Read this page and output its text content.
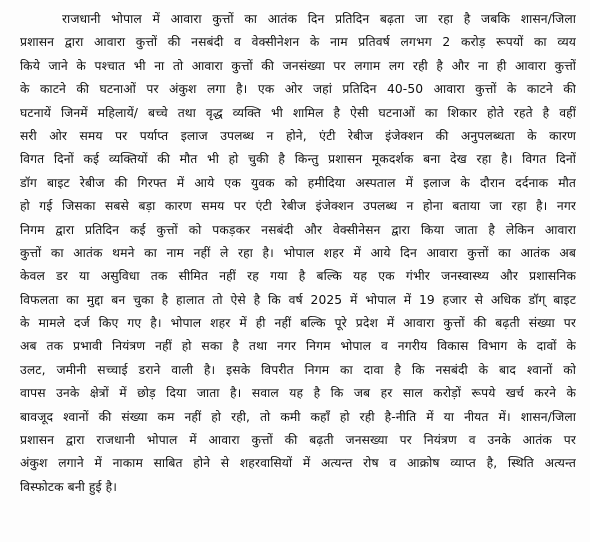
राजधानी भोपाल में आवारा कुत्तों का आतंक दिन प्रतिदिन बढ़ता जा रहा है जबकि शासन/जिला
प्रशासन द्वारा आवारा कुत्तों की नसबंदी व वेक्सीनेशन के नाम प्रतिवर्ष लगभग 2 करोड़ रूपयों का व्यय
किये जाने के पश्चात भी ना तो आवारा कुत्तों की जनसंख्या पर लगाम लग रही है और ना ही आवारा कुत्तों
के काटने की घटनाओं पर अंकुश लगा है। एक ओर जहां प्रतिदिन 40-50 आवारा कुत्तों के काटने की
घटनायें जिनमें महिलायें/ बच्चे तथा वृद्ध व्यक्ति भी शामिल है ऐसी घटनाओं का शिकार होते रहते है वहीं
सरी ओर समय पर पर्याप्त इलाज उपलब्ध न होने, एंटी रेबीज इंजेक्शन की अनुपलब्धता के कारण
विगत दिनों कई व्यक्तियों की मौत भी हो चुकी है किन्तु प्रशासन मूकदर्शक बना देख रहा है। विगत दिनों
डॉग बाइट रेबीज की गिरफ्त में आये एक युवक को हमीदिया अस्पताल में इलाज के दौरान दर्दनाक मौत
हो गई जिसका सबसे बड़ा कारण समय पर एंटी रेबीज इंजेक्शन उपलब्ध न होना बताया जा रहा है। नगर
निगम द्वारा प्रतिदिन कई कुत्तों को पकड़कर नसबंदी और वेक्सीनेसन द्वारा किया जाता है लेकिन आवारा
कुत्तों का आतंक थमने का नाम नहीं ले रहा है। भोपाल शहर में आये दिन आवारा कुत्तों का आतंक अब
केवल डर या असुविधा तक सीमित नहीं रह गया है बल्कि यह एक गंभीर जनस्वास्थ्य और प्रशासनिक
विफलता का मुद्दा बन चुका है हालात तो ऐसे है कि वर्ष 2025 में भोपाल में 19 हजार से अधिक डॉग् बाइट
के मामले दर्ज किए गए है। भोपाल शहर में ही नहीं बल्कि पूरे प्रदेश में आवारा कुत्तों की बढ़ती संख्या पर
अब तक प्रभावी नियंत्रण नहीं हो सका है तथा नगर निगम भोपाल व नगरीय विकास विभाग के दावों के
उलट, जमीनी सच्चाई डराने वाली है। इसके विपरीत निगम का दावा है कि नसबंदी के बाद श्वानों को
वापस उनके क्षेत्रों में छोड़ दिया जाता है। सवाल यह है कि जब हर साल करोड़ों रूपये खर्च करने के
बावजूद श्वानों की संख्या कम नहीं हो रही, तो कमी कहाँ हो रही है-नीति में या नीयत में। शासन/जिला
प्रशासन द्वारा राजधानी भोपाल में आवारा कुत्तों की बढ़ती जनसख्या पर नियंत्रण व उनके आतंक पर
अंकुश लगाने में नाकाम साबित होने से शहरवासियों में अत्यन्त रोष व आक्रोष व्याप्त है, स्थिति अत्यन्त
विस्फोटक बनी हुई है।
